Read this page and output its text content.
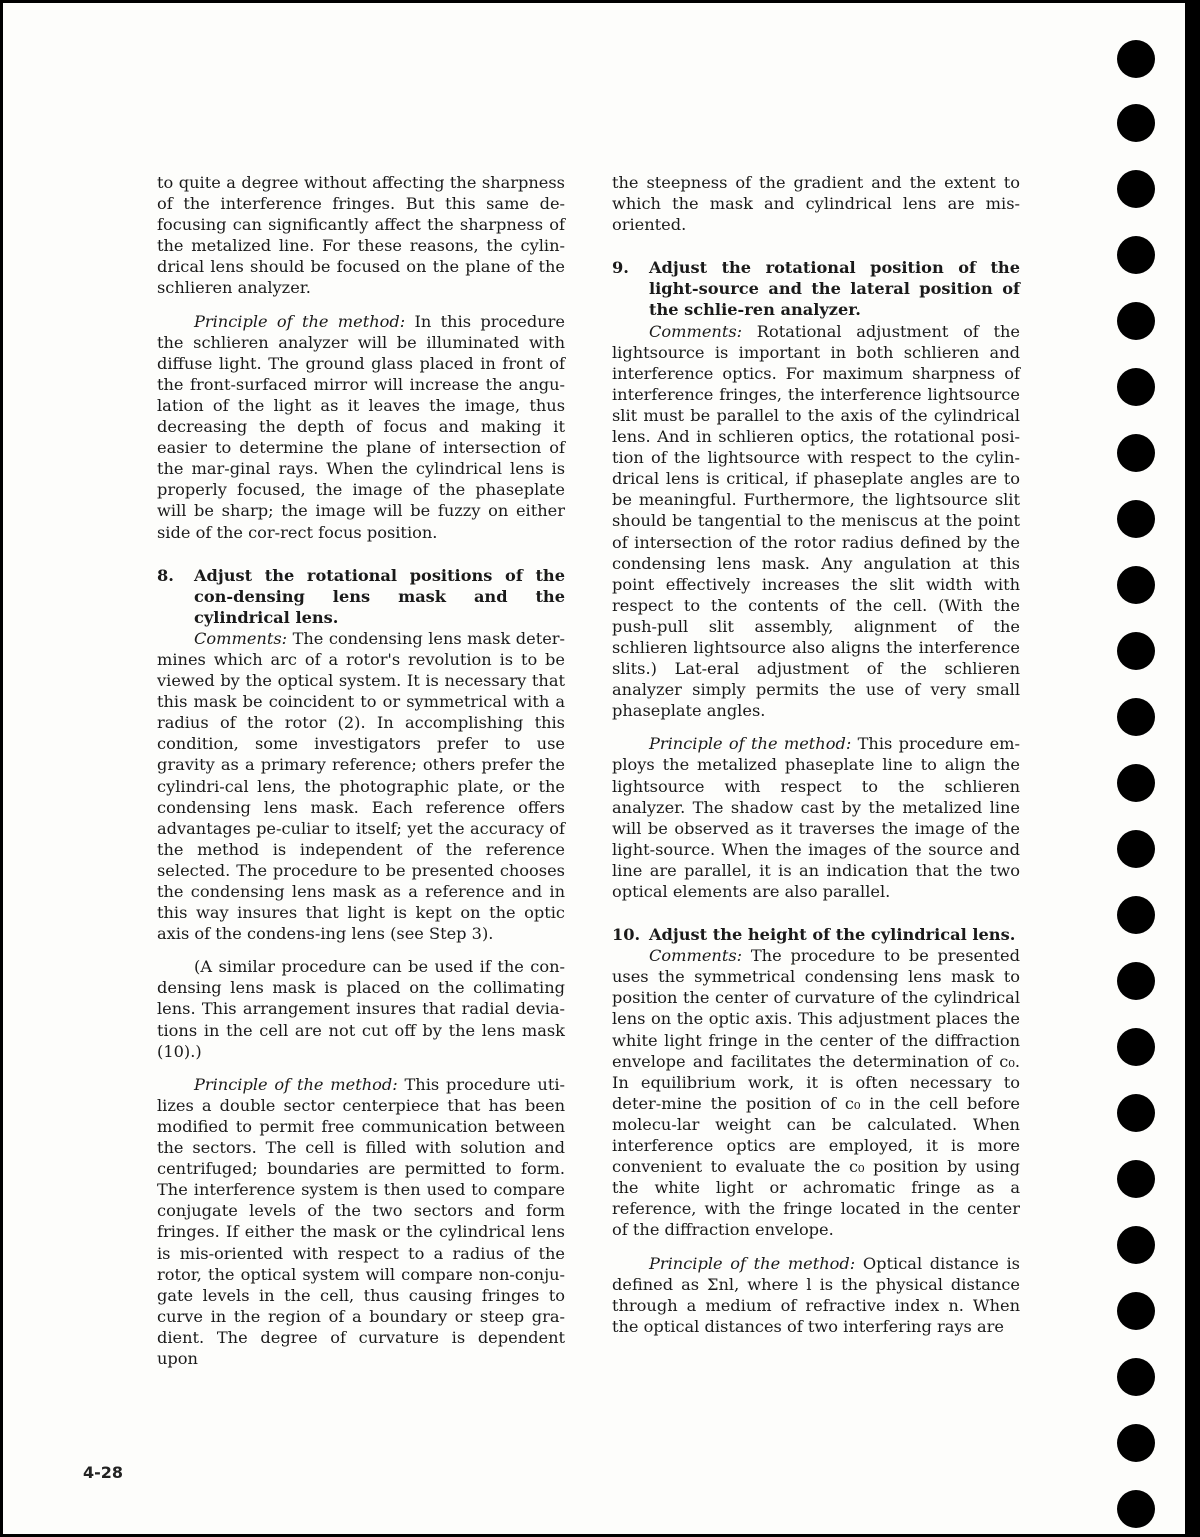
to quite a degree without affecting the sharpness of the interference fringes. But this same de-focusing can significantly affect the sharpness of the metalized line. For these reasons, the cylin-drical lens should be focused on the plane of the schlieren analyzer.

Principle of the method: In this procedure the schlieren analyzer will be illuminated with diffuse light. The ground glass placed in front of the front-surfaced mirror will increase the angu-lation of the light as it leaves the image, thus decreasing the depth of focus and making it easier to determine the plane of intersection of the mar-ginal rays. When the cylindrical lens is properly focused, the image of the phaseplate will be sharp; the image will be fuzzy on either side of the cor-rect focus position.

8.	Adjust the rotational positions of the con-densing lens mask and the cylindrical lens.

Comments: The condensing lens mask deter-mines which arc of a rotor's revolution is to be viewed by the optical system. It is necessary that this mask be coincident to or symmetrical with a radius of the rotor (2). In accomplishing this condition, some investigators prefer to use gravity as a primary reference; others prefer the cylindri-cal lens, the photographic plate, or the condensing lens mask. Each reference offers advantages pe-culiar to itself; yet the accuracy of the method is independent of the reference selected. The procedure to be presented chooses the condensing lens mask as a reference and in this way insures that light is kept on the optic axis of the condens-ing lens (see Step 3).

(A similar procedure can be used if the con-densing lens mask is placed on the collimating lens. This arrangement insures that radial devia-tions in the cell are not cut off by the lens mask (10).)

Principle of the method: This procedure uti-lizes a double sector centerpiece that has been modified to permit free communication between the sectors. The cell is filled with solution and centrifuged; boundaries are permitted to form. The interference system is then used to compare conjugate levels of the two sectors and form fringes. If either the mask or the cylindrical lens is mis-oriented with respect to a radius of the rotor, the optical system will compare non-conju-gate levels in the cell, thus causing fringes to curve in the region of a boundary or steep gra-dient. The degree of curvature is dependent upon

the steepness of the gradient and the extent to which the mask and cylindrical lens are mis-oriented.

9.	Adjust the rotational position of the light-source and the lateral position of the schlie-ren analyzer.

Comments: Rotational adjustment of the lightsource is important in both schlieren and interference optics. For maximum sharpness of interference fringes, the interference lightsource slit must be parallel to the axis of the cylindrical lens. And in schlieren optics, the rotational posi-tion of the lightsource with respect to the cylin-drical lens is critical, if phaseplate angles are to be meaningful. Furthermore, the lightsource slit should be tangential to the meniscus at the point of intersection of the rotor radius defined by the condensing lens mask. Any angulation at this point effectively increases the slit width with respect to the contents of the cell. (With the push-pull slit assembly, alignment of the schlieren lightsource also aligns the interference slits.) Lat-eral adjustment of the schlieren analyzer simply permits the use of very small phaseplate angles.

Principle of the method: This procedure em-ploys the metalized phaseplate line to align the lightsource with respect to the schlieren analyzer. The shadow cast by the metalized line will be observed as it traverses the image of the light-source. When the images of the source and line are parallel, it is an indication that the two optical elements are also parallel.

10. Adjust the height of the cylindrical lens.

Comments: The procedure to be presented uses the symmetrical condensing lens mask to position the center of curvature of the cylindrical lens on the optic axis. This adjustment places the white light fringe in the center of the diffraction envelope and facilitates the determination of c₀. In equilibrium work, it is often necessary to deter-mine the position of c₀ in the cell before molecu-lar weight can be calculated. When interference optics are employed, it is more convenient to evaluate the c₀ position by using the white light or achromatic fringe as a reference, with the fringe located in the center of the diffraction envelope.

Principle of the method: Optical distance is defined as Σnl, where l is the physical distance through a medium of refractive index n. When the optical distances of two interfering rays are

4-28
